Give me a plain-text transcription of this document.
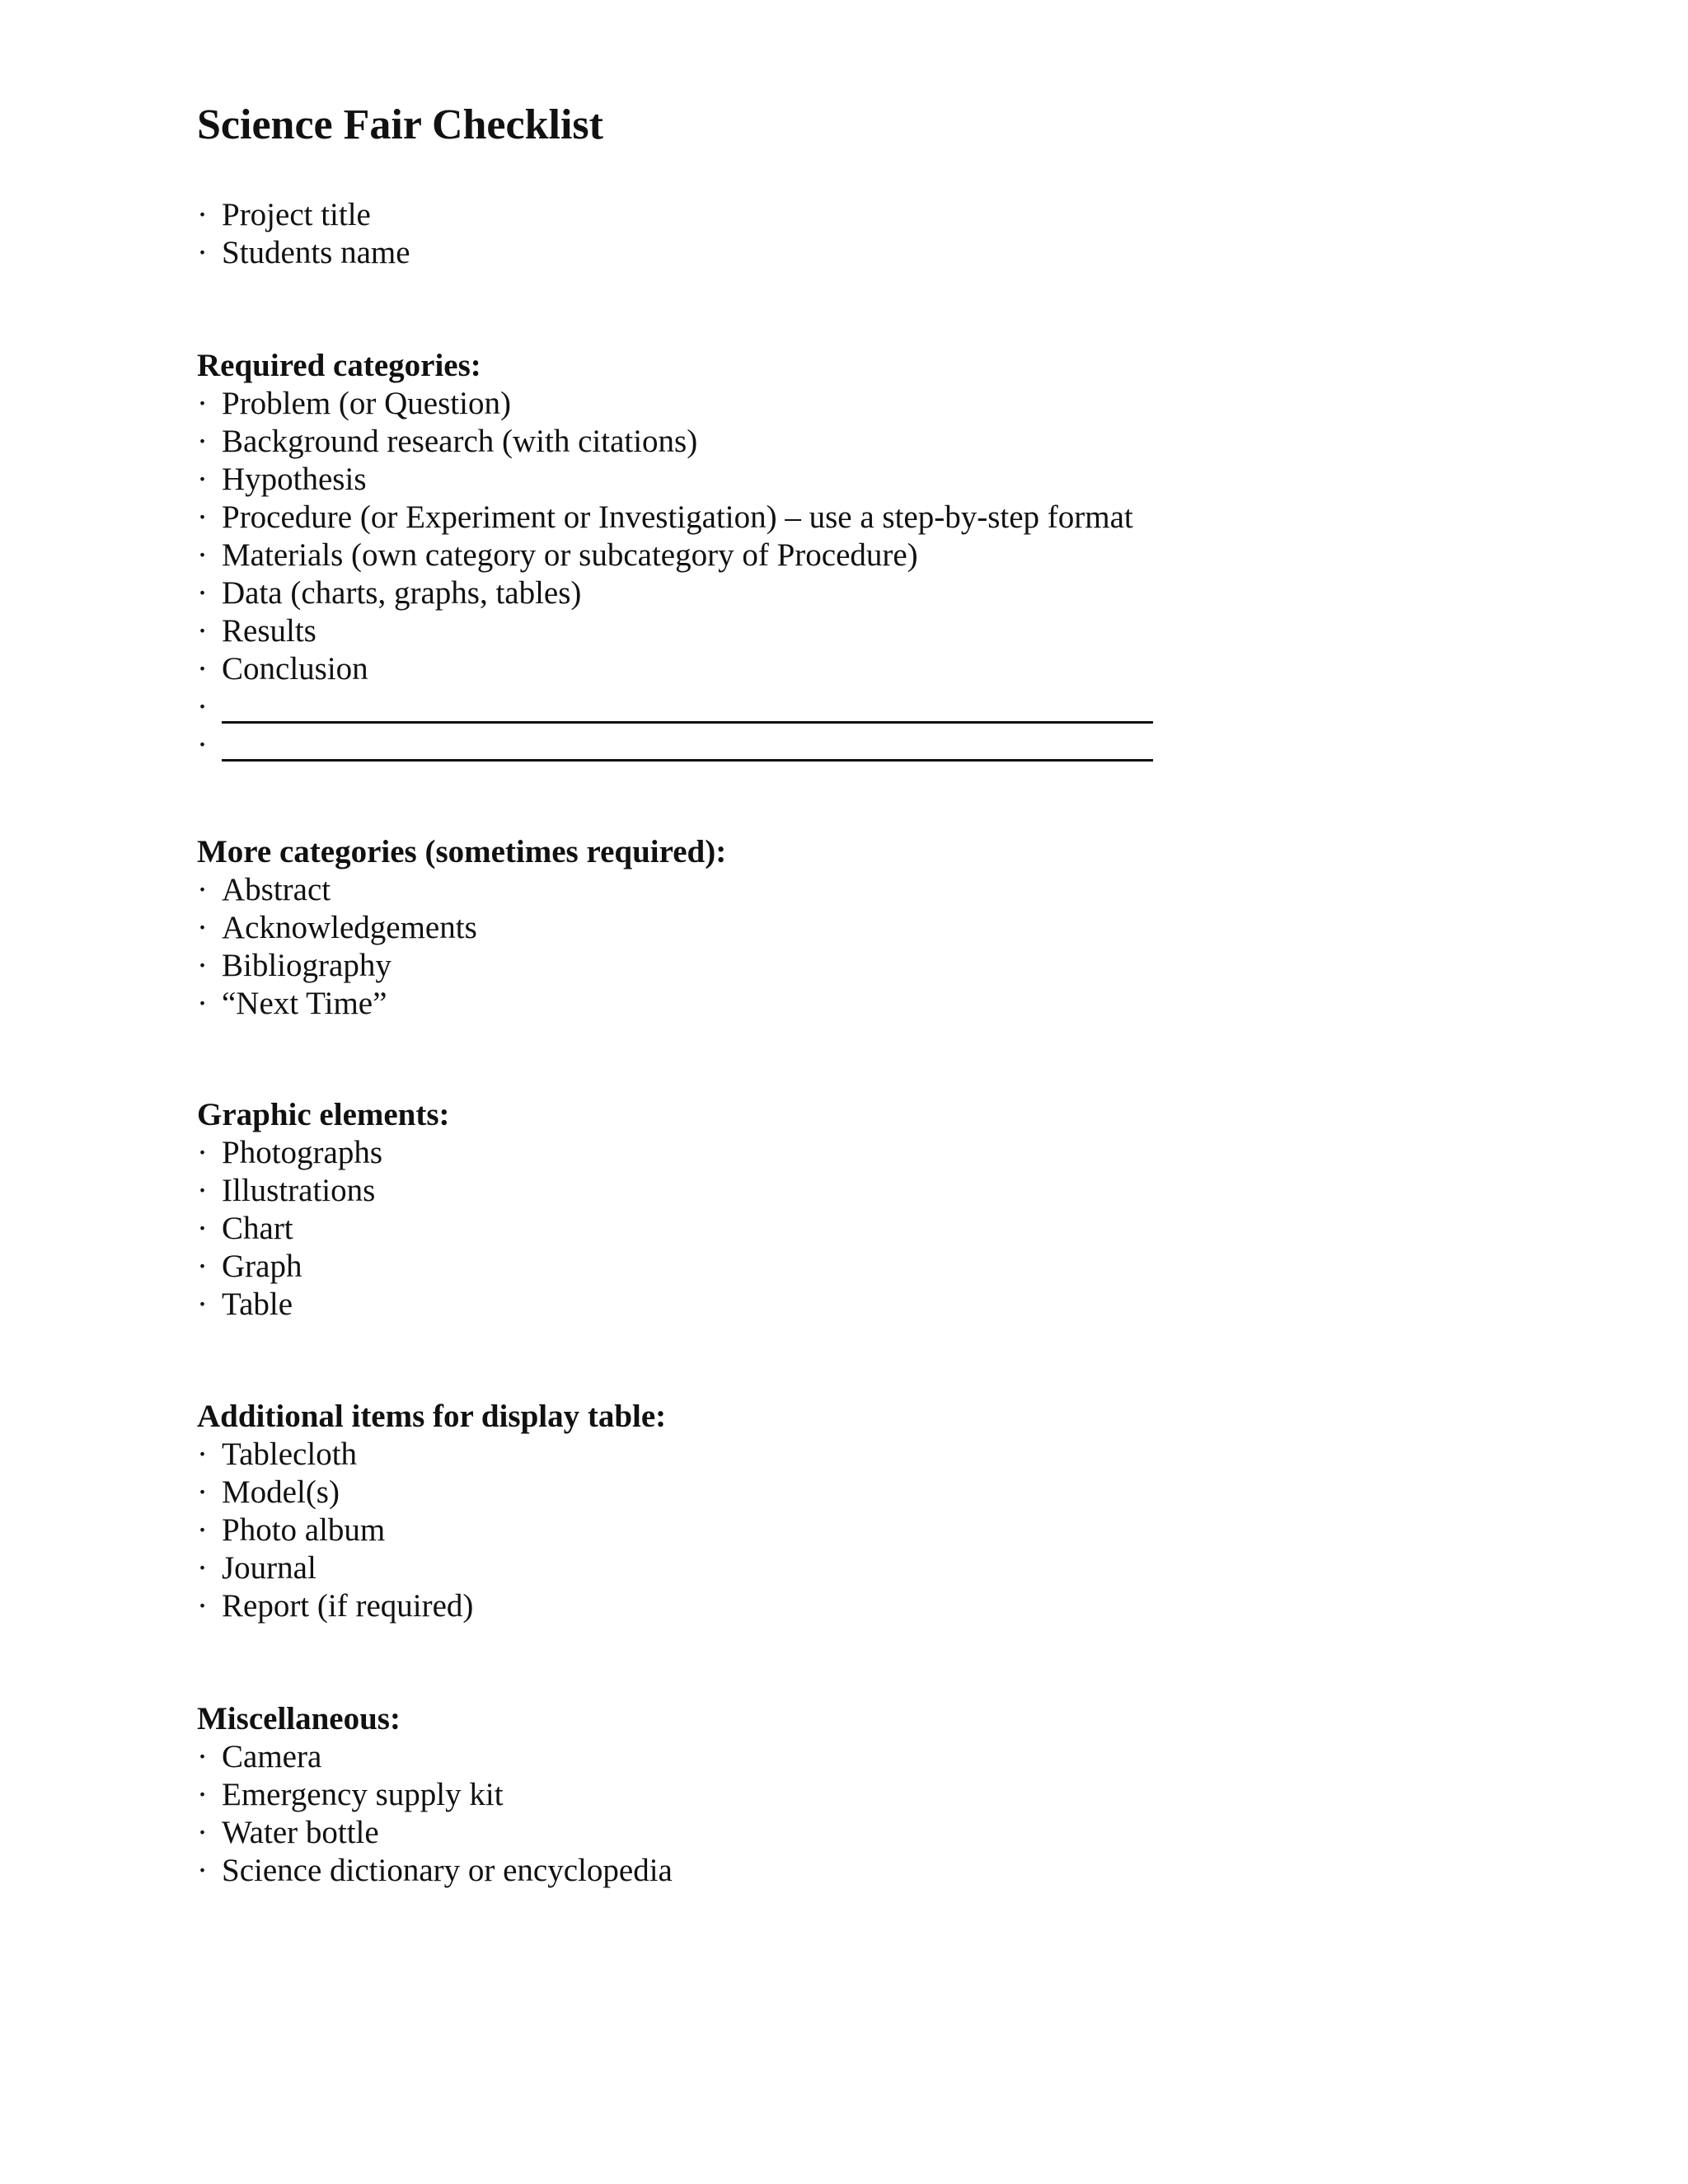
Science Fair Checklist
· Project title
· Students name
Required categories:
· Problem (or Question)
· Background research (with citations)
· Hypothesis
· Procedure (or Experiment or Investigation) – use a step-by-step format
· Materials (own category or subcategory of Procedure)
· Data (charts, graphs, tables)
· Results
· Conclusion
·
·
More categories (sometimes required):
· Abstract
· Acknowledgements
· Bibliography
· “Next Time”
Graphic elements:
· Photographs
· Illustrations
· Chart
· Graph
· Table
Additional items for display table:
· Tablecloth
· Model(s)
· Photo album
· Journal
· Report (if required)
Miscellaneous:
· Camera
· Emergency supply kit
· Water bottle
· Science dictionary or encyclopedia
